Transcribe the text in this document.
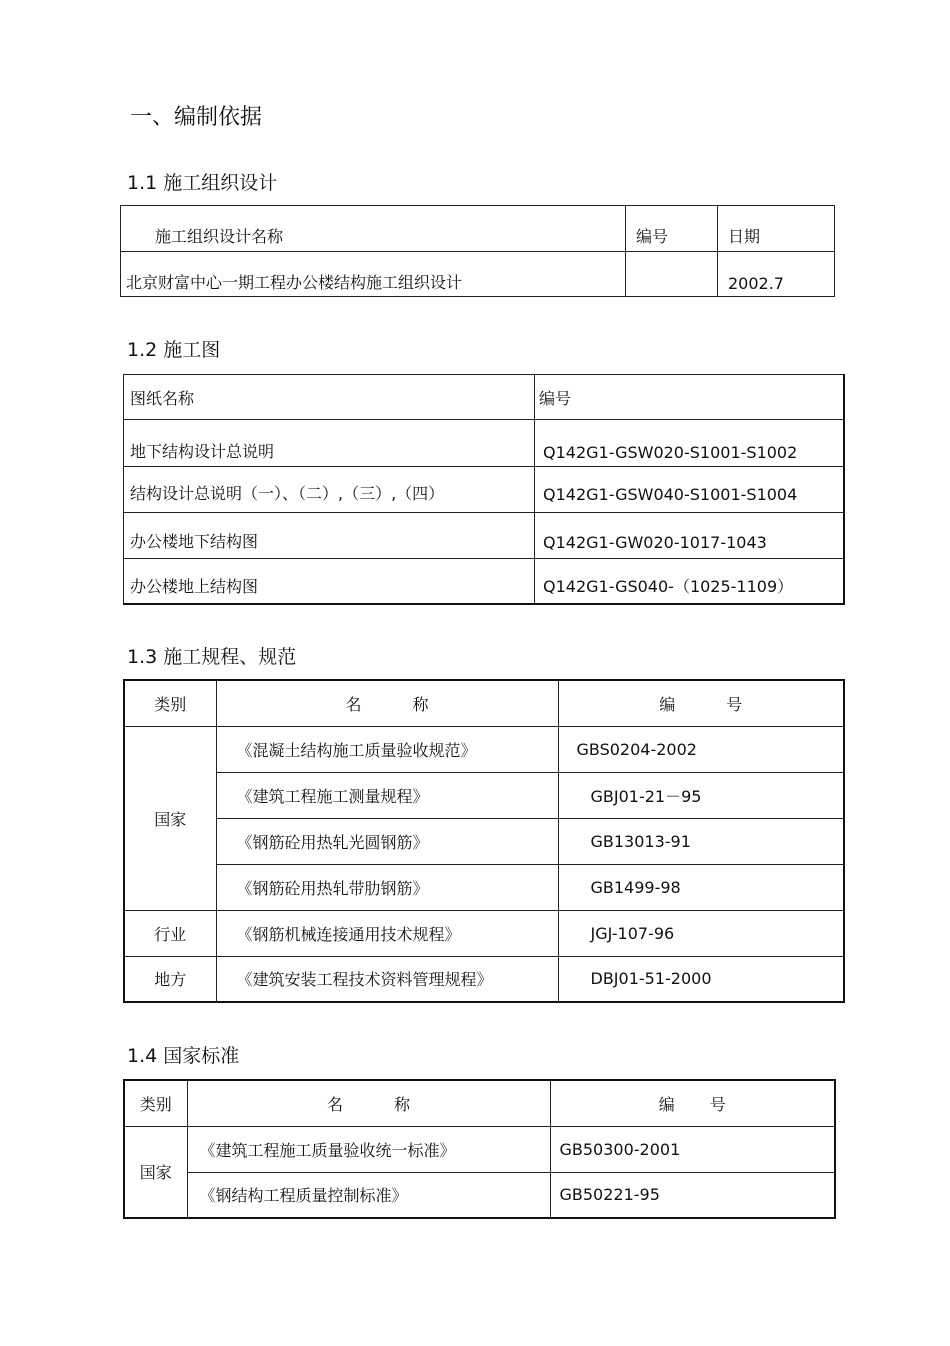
一、编制依据
1.1 施工组织设计
施工组织设计名称	编号	日期
北京财富中心一期工程办公楼结构施工组织设计		2002.7
1.2 施工图
图纸名称	编号
地下结构设计总说明	Q142G1-GSW020-S1001-S1002
结构设计总说明（一）、（二）,（三）,（四）	Q142G1-GSW040-S1001-S1004
办公楼地下结构图	Q142G1-GW020-1017-1043
办公楼地上结构图	Q142G1-GS040-（1025-1109）
1.3 施工规程、规范
类别	名 称	编 号
国家	《混凝土结构施工质量验收规范》	GBS0204-2002
	《建筑工程施工测量规程》	GBJ01-21－95
	《钢筋砼用热轧光圆钢筋》	GB13013-91
	《钢筋砼用热轧带肋钢筋》	GB1499-98
行业	《钢筋机械连接通用技术规程》	JGJ-107-96
地方	《建筑安装工程技术资料管理规程》	DBJ01-51-2000
1.4 国家标准
类别	名 称	编 号
国家	《建筑工程施工质量验收统一标准》	GB50300-2001
	《钢结构工程质量控制标准》	GB50221-95
